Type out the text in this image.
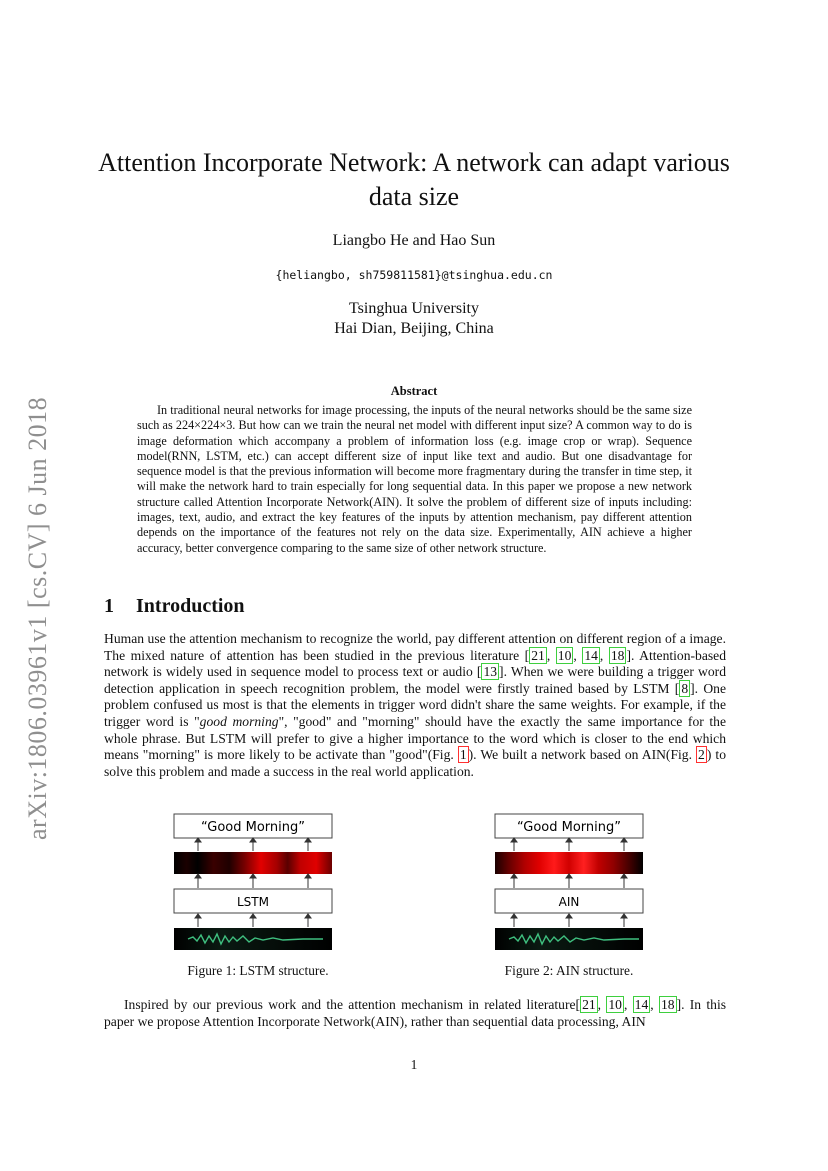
arXiv:1806.03961v1 [cs.CV] 6 Jun 2018
Attention Incorporate Network: A network can adapt various data size
Liangbo He and Hao Sun
{heliangbo, sh759811581}@tsinghua.edu.cn
Tsinghua University
Hai Dian, Beijing, China
Abstract

In traditional neural networks for image processing, the inputs of the neural networks should be the same size such as 224×224×3. But how can we train the neural net model with different input size? A common way to do is image deformation which accompany a problem of information loss (e.g. image crop or wrap). Sequence model(RNN, LSTM, etc.) can accept different size of input like text and audio. But one disadvantage for sequence model is that the previous information will become more fragmentary during the transfer in time step, it will make the network hard to train especially for long sequential data. In this paper we propose a new network structure called Attention Incorporate Network(AIN). It solve the problem of different size of inputs including: images, text, audio, and extract the key features of the inputs by attention mechanism, pay different attention depends on the importance of the features not rely on the data size. Experimentally, AIN achieve a higher accuracy, better convergence comparing to the same size of other network structure.

1 Introduction

Human use the attention mechanism to recognize the world, pay different attention on different region of a image. The mixed nature of attention has been studied in the previous literature [ 21 , 10 , 14 , 18 ]. Attention-based network is widely used in sequence model to process text or audio [ 13 ]. When we were building a trigger word detection application in speech recognition problem, the model were firstly trained based by LSTM [ 8 ]. One problem confused us most is that the elements in trigger word didn't share the same weights. For example, if the trigger word is "good morning", "good" and "morning" should have the exactly the same importance for the whole phrase. But LSTM will prefer to give a higher importance to the word which is closer to the end which means "morning" is more likely to be activate than "good"(Fig. 1 ). We built a network based on AIN(Fig. 2 ) to solve this problem and made a success in the real world application.

“Good Morning”
LSTM
“Good Morning”
AIN
Figure 1: LSTM structure.	Figure 2: AIN structure.

Inspired by our previous work and the attention mechanism in related literature[ 21 , 10 , 14 , 18 ]. In this paper we propose Attention Incorporate Network(AIN), rather than sequential data processing, AIN

1
